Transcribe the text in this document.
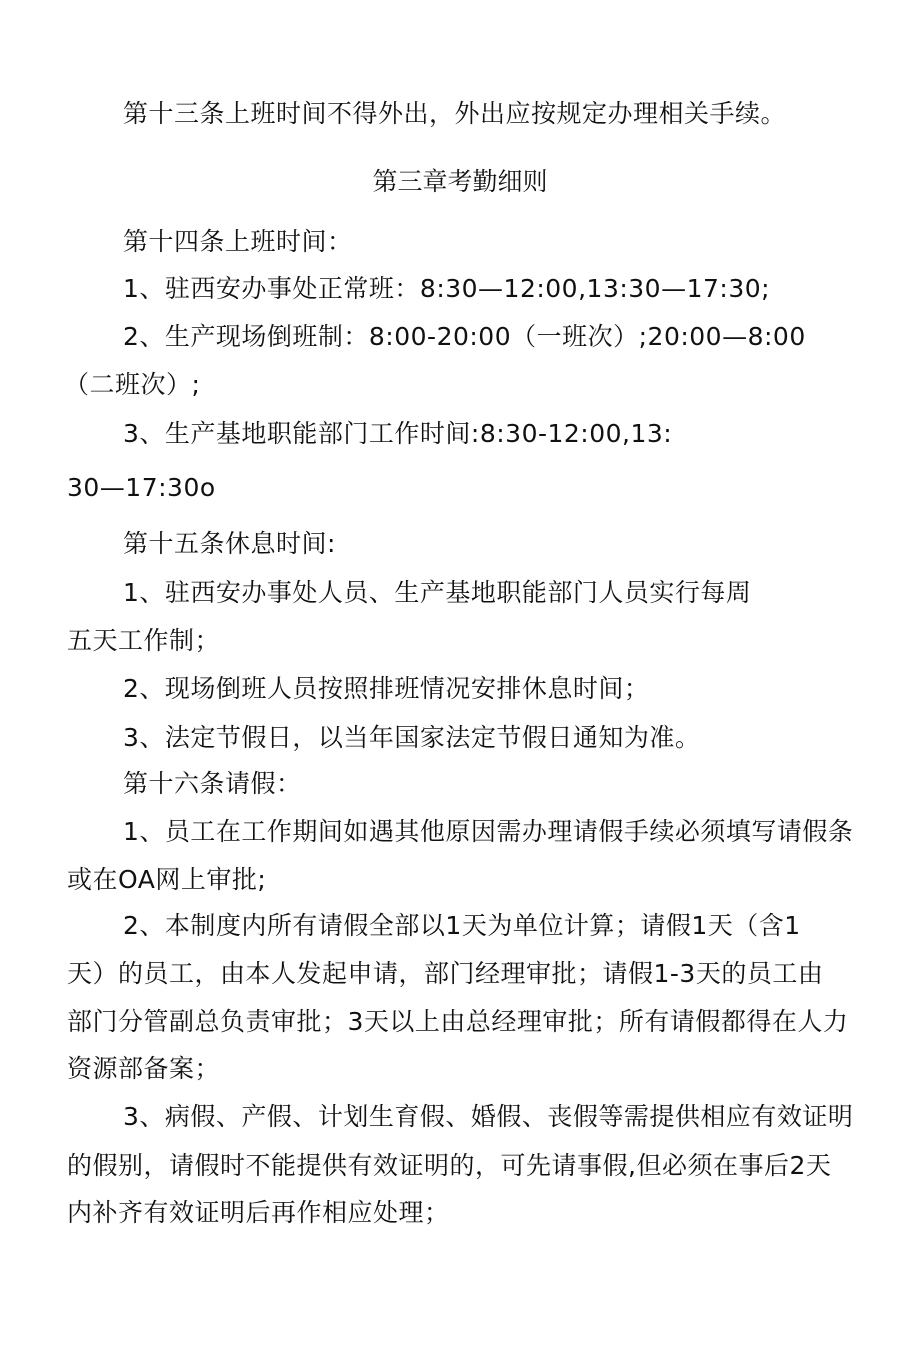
第十三条上班时间不得外出，外出应按规定办理相关手续。
第三章考勤细则
第十四条上班时间：
1、驻西安办事处正常班：8:30—12:00,13:30—17:30;
2、生产现场倒班制：8:00-20:00（一班次）;20:00—8:00
（二班次）;
3、生产基地职能部门工作时间:8:30-12:00,13:
30—17:30o
第十五条休息时间:
1、驻西安办事处人员、生产基地职能部门人员实行每周
五天工作制；
2、现场倒班人员按照排班情况安排休息时间；
3、法定节假日，以当年国家法定节假日通知为准。
第十六条请假：
1、员工在工作期间如遇其他原因需办理请假手续必须填写请假条
或在OA网上审批;
2、本制度内所有请假全部以1天为单位计算；请假1天（含1
天）的员工，由本人发起申请，部门经理审批；请假1-3天的员工由
部门分管副总负责审批；3天以上由总经理审批；所有请假都得在人力
资源部备案；
3、病假、产假、计划生育假、婚假、丧假等需提供相应有效证明
的假别，请假时不能提供有效证明的，可先请事假,但必须在事后2天
内补齐有效证明后再作相应处理；
